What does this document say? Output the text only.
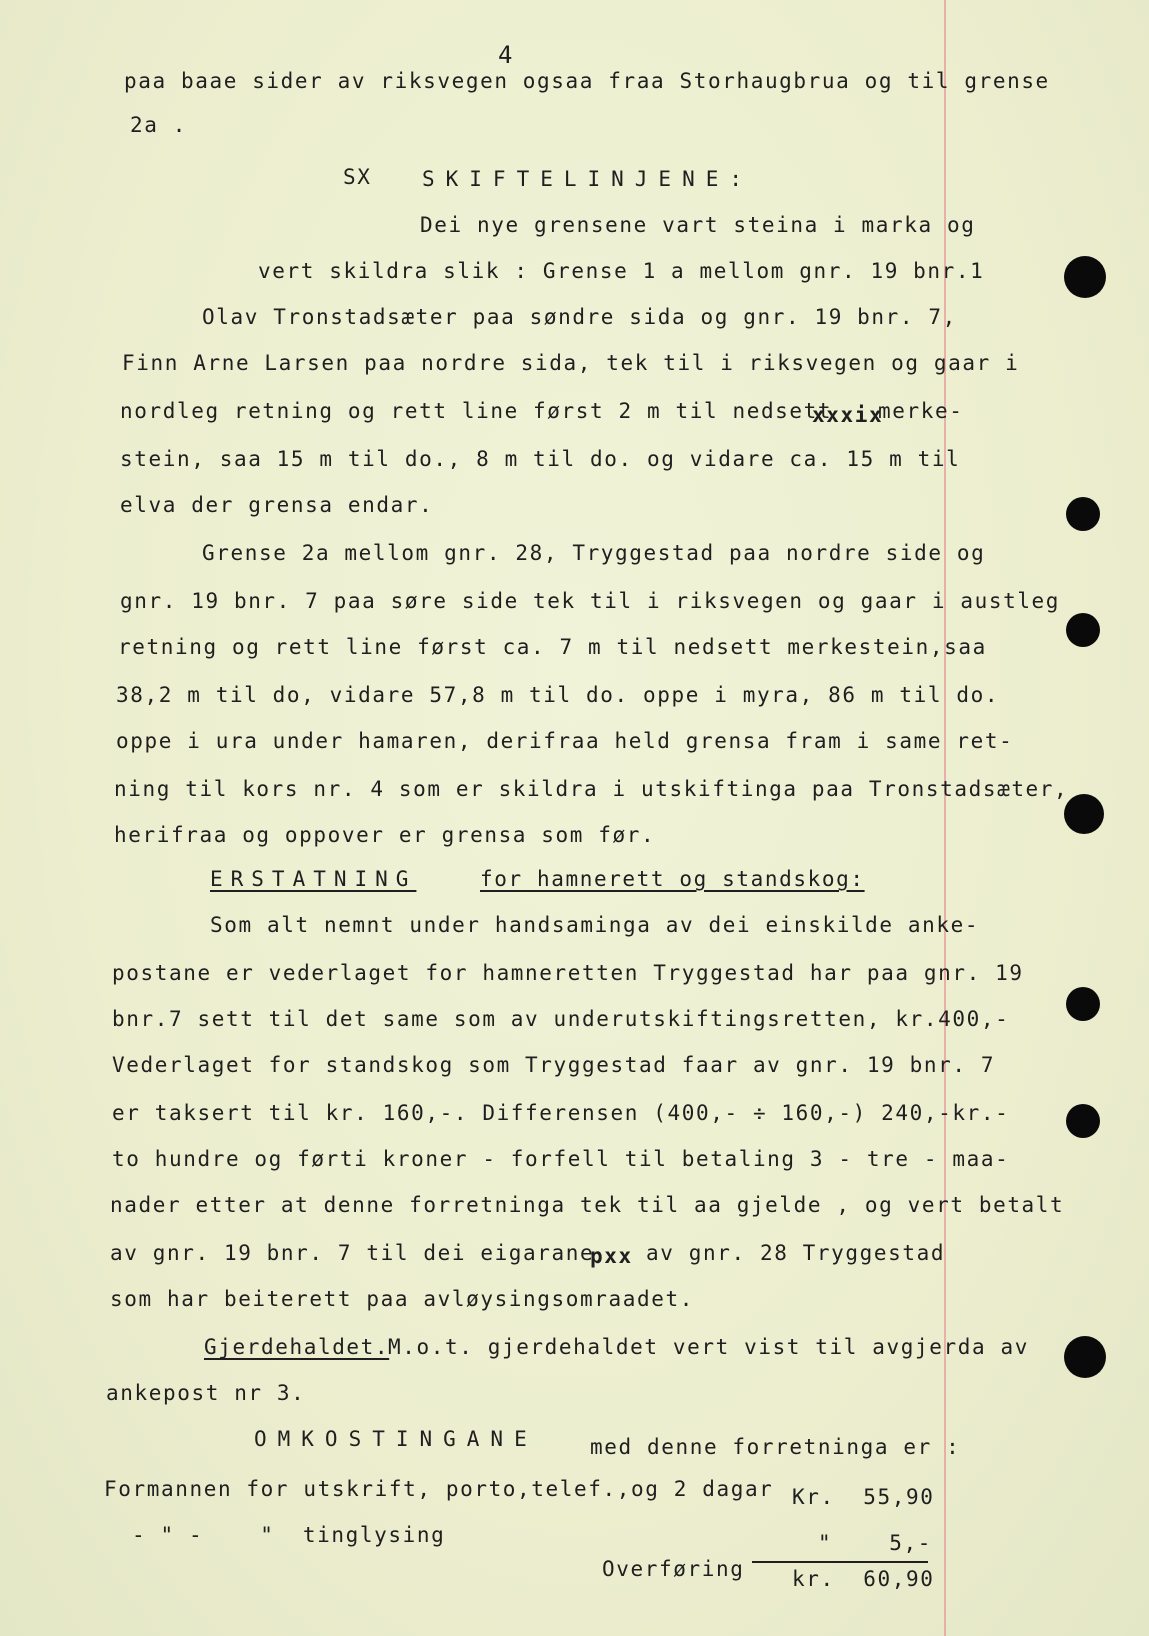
4
paa baae sider av riksvegen ogsaa fraa Storhaugbrua og til grense
2a .
SX SKIFTELINJENE:
Dei nye grensene vart steina i marka og
vert skildra slik : Grense 1 a mellom gnr. 19 bnr.1
Olav Tronstadsæter paa søndre sida og gnr. 19 bnr. 7,
Finn Arne Larsen paa nordre sida, tek til i riksvegen og gaar i
nordleg retning og rett line først 2 m til nedsett
xxxix
merke-
stein, saa 15 m til do., 8 m til do. og vidare ca. 15 m til
elva der grensa endar.
Grense 2a mellom gnr. 28, Tryggestad paa nordre side og
gnr. 19 bnr. 7 paa søre side tek til i riksvegen og gaar i austleg
retning og rett line først ca. 7 m til nedsett merkestein,saa
38,2 m til do, vidare 57,8 m til do. oppe i myra, 86 m til do.
oppe i ura under hamaren, derifraa held grensa fram i same ret-
ning til kors nr. 4 som er skildra i utskiftinga paa Tronstadsæter,
herifraa og oppover er grensa som før.
ERSTATNING	for hamnerett og standskog:
Som alt nemnt under handsaminga av dei einskilde anke-
postane er vederlaget for hamneretten Tryggestad har paa gnr. 19
bnr.7 sett til det same som av underutskiftingsretten, kr.400,-
Vederlaget for standskog som Tryggestad faar av gnr. 19 bnr. 7
er taksert til kr. 160,-. Differensen (400,- ÷ 160,-) 240,-kr.-
to hundre og førti kroner - forfell til betaling 3 - tre - maa-
nader etter at denne forretninga tek til aa gjelde , og vert betalt
av gnr. 19 bnr. 7 til dei eigarane
pxx av gnr. 28 Tryggestad
som har beiterett paa avløysingsomraadet.
Gjerdehaldet.
M.o.t. gjerdehaldet vert vist til avgjerda av
ankepost nr 3.
OMKOSTINGANE med denne forretninga er :
Formannen for utskrift, porto,telef.,og 2 dagar Kr.  55,90
- " -    "  tinglysing	"    5,-
Overføring kr.  60,90
